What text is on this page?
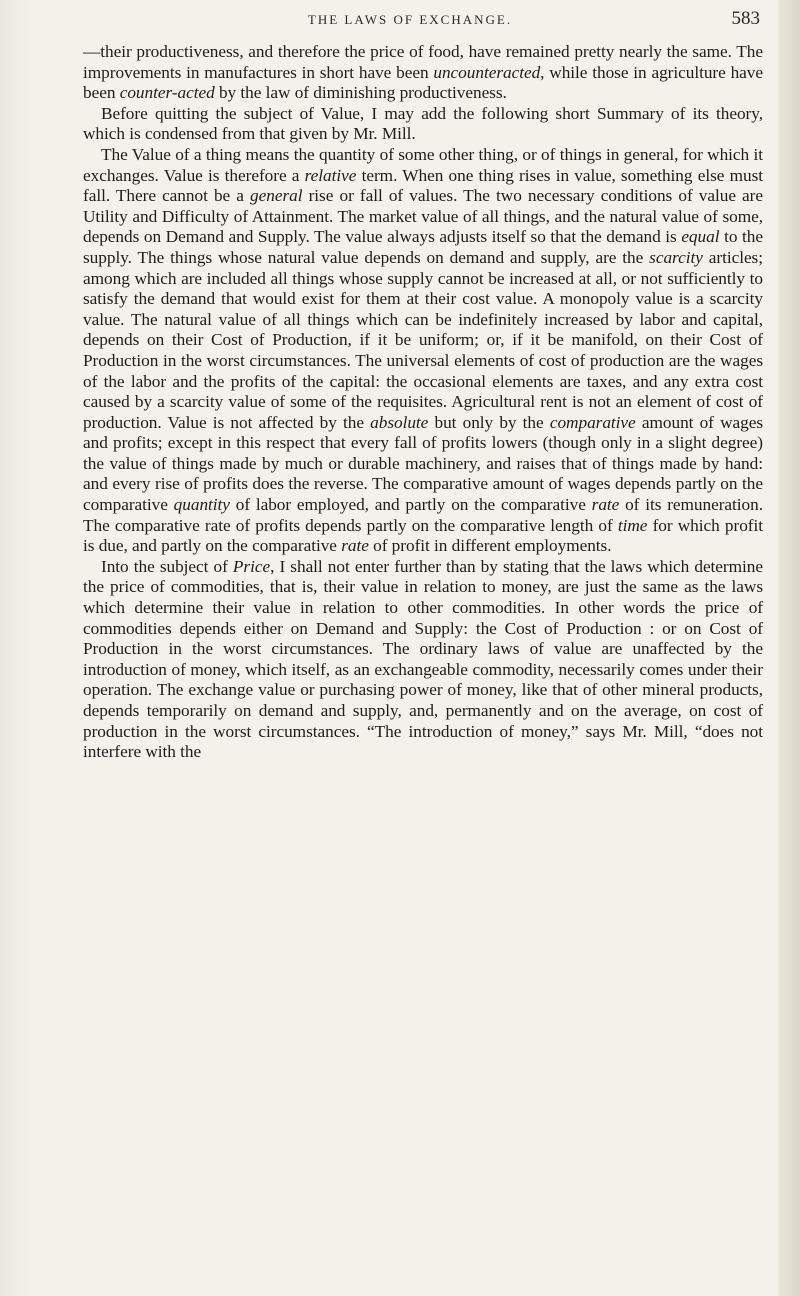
THE LAWS OF EXCHANGE.	583

—their productiveness, and therefore the price of food, have remained pretty nearly the same. The improvements in manufactures in short have been uncounteracted, while those in agriculture have been counter-acted by the law of diminishing productiveness.

Before quitting the subject of Value, I may add the following short Summary of its theory, which is condensed from that given by Mr. Mill.

The Value of a thing means the quantity of some other thing, or of things in general, for which it exchanges. Value is therefore a relative term. When one thing rises in value, something else must fall. There cannot be a general rise or fall of values. The two necessary conditions of value are Utility and Difficulty of Attainment. The market value of all things, and the natural value of some, depends on Demand and Supply. The value always adjusts itself so that the demand is equal to the supply. The things whose natural value depends on demand and supply, are the scarcity articles; among which are included all things whose supply cannot be increased at all, or not sufficiently to satisfy the demand that would exist for them at their cost value. A monopoly value is a scarcity value. The natural value of all things which can be indefinitely increased by labor and capital, depends on their Cost of Production, if it be uniform; or, if it be manifold, on their Cost of Production in the worst circumstances. The universal elements of cost of production are the wages of the labor and the profits of the capital: the occasional elements are taxes, and any extra cost caused by a scarcity value of some of the requisites. Agricultural rent is not an element of cost of production. Value is not affected by the absolute but only by the comparative amount of wages and profits; except in this respect that every fall of profits lowers (though only in a slight degree) the value of things made by much or durable machinery, and raises that of things made by hand: and every rise of profits does the reverse. The comparative amount of wages depends partly on the comparative quantity of labor employed, and partly on the comparative rate of its remuneration. The comparative rate of profits depends partly on the comparative length of time for which profit is due, and partly on the comparative rate of profit in different employments.

Into the subject of Price, I shall not enter further than by stating that the laws which determine the price of commodities, that is, their value in relation to money, are just the same as the laws which determine their value in relation to other commodities. In other words the price of commodities depends either on Demand and Supply: the Cost of Production : or on Cost of Production in the worst circumstances. The ordinary laws of value are unaffected by the introduction of money, which itself, as an exchangeable commodity, necessarily comes under their operation. The exchange value or purchasing power of money, like that of other mineral products, depends temporarily on demand and supply, and, permanently and on the average, on cost of production in the worst circumstances. “The introduction of money,” says Mr. Mill, “does not interfere with the
